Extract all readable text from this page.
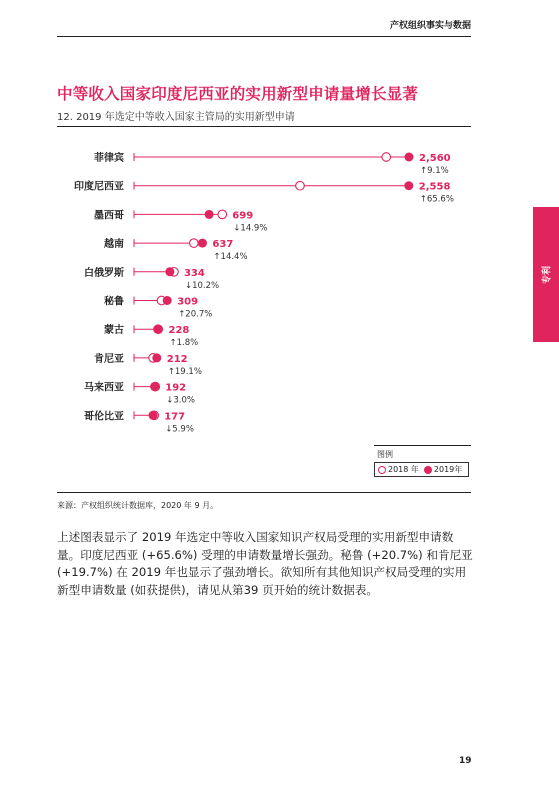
产权组织事实与数据
专利
中等收入国家印度尼西亚的实用新型申请量增长显著
12. 2019 年选定中等收入国家主管局的实用新型申请
菲律宾	2,560
↑9.1%
印度尼西亚	2,558
↑65.6%
墨西哥	699
↓14.9%
越南	637
↑14.4%
白俄罗斯	334
↓10.2%
秘鲁	309
↑20.7%
蒙古	228
↑1.8%
肯尼亚	212
↑19.1%
马来西亚	192
↓3.0%
哥伦比亚	177
↓5.9%
图例
2018 年 2019年
来源：产权组织统计数据库，2020 年 9 月。
上述图表显示了 2019 年选定中等收入国家知识产权局受理的实用新型申请数量。印度尼西亚 (+65.6%) 受理的申请数量增长强劲。秘鲁 (+20.7%) 和肯尼亚 (+19.7%) 在 2019 年也显示了强劲增长。欲知所有其他知识产权局受理的实用新型申请数量 (如获提供)，请见从第39 页开始的统计数据表。
19
